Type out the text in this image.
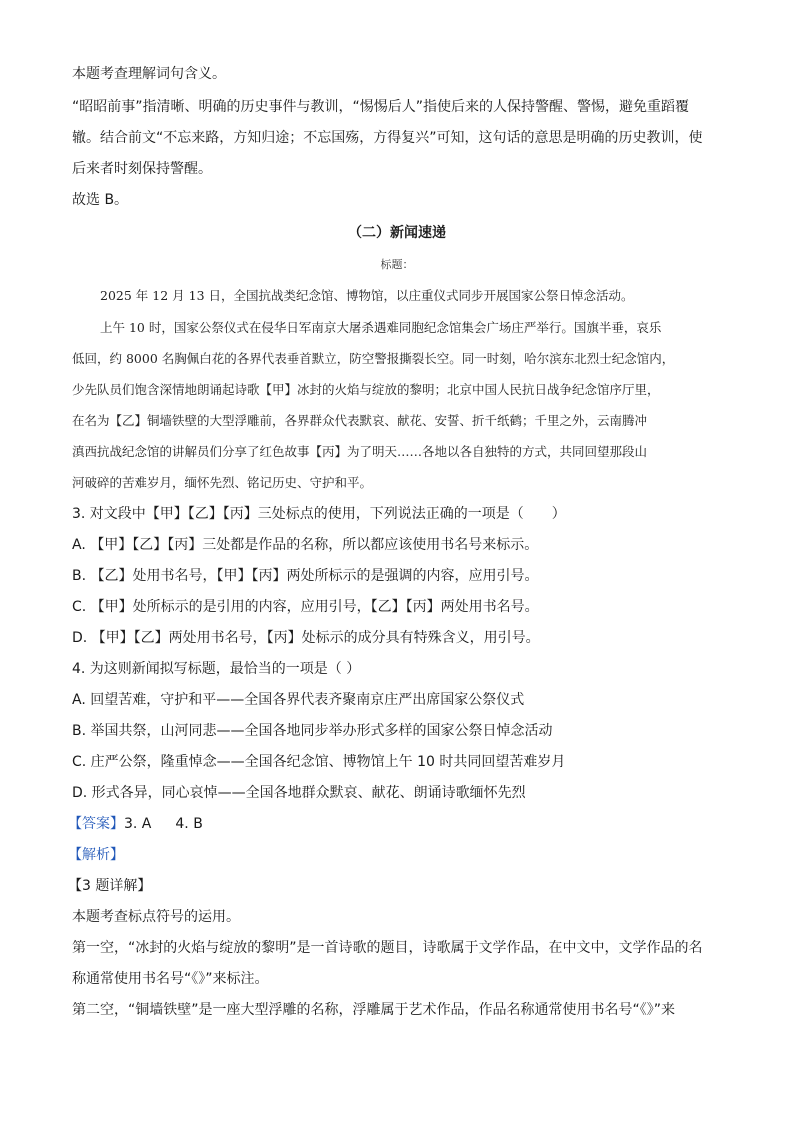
本题考查理解词句含义。
“昭昭前事”指清晰、明确的历史事件与教训，“惕惕后人”指使后来的人保持警醒、警惕，避免重蹈覆
辙。结合前文“不忘来路，方知归途；不忘国殇，方得复兴”可知，这句话的意思是明确的历史教训，使
后来者时刻保持警醒。
故选 B。
（二）新闻速递
标题：
2025 年 12 月 13 日，全国抗战类纪念馆、博物馆，以庄重仪式同步开展国家公祭日悼念活动。
上午 10 时，国家公祭仪式在侵华日军南京大屠杀遇难同胞纪念馆集会广场庄严举行。国旗半垂，哀乐
低回，约 8000 名胸佩白花的各界代表垂首默立，防空警报撕裂长空。同一时刻，哈尔滨东北烈士纪念馆内，
少先队员们饱含深情地朗诵起诗歌【甲】冰封的火焰与绽放的黎明；北京中国人民抗日战争纪念馆序厅里，
在名为【乙】铜墙铁壁的大型浮雕前，各界群众代表默哀、献花、安誓、折千纸鹤；千里之外，云南腾冲
滇西抗战纪念馆的讲解员们分享了红色故事【丙】为了明天……各地以各自独特的方式，共同回望那段山
河破碎的苦难岁月，缅怀先烈、铭记历史、守护和平。
3. 对文段中【甲】【乙】【丙】三处标点的使用，下列说法正确的一项是（　　）
A. 【甲】【乙】【丙】三处都是作品的名称，所以都应该使用书名号来标示。
B. 【乙】处用书名号，【甲】【丙】两处所标示的是强调的内容，应用引号。
C. 【甲】处所标示的是引用的内容，应用引号，【乙】【丙】两处用书名号。
D. 【甲】【乙】两处用书名号，【丙】处标示的成分具有特殊含义，用引号。
4. 为这则新闻拟写标题，最恰当的一项是（ ）
A. 回望苦难，守护和平——全国各界代表齐聚南京庄严出席国家公祭仪式
B. 举国共祭，山河同悲——全国各地同步举办形式多样的国家公祭日悼念活动
C. 庄严公祭，隆重悼念——全国各纪念馆、博物馆上午 10 时共同回望苦难岁月
D. 形式各异，同心哀悼——全国各地群众默哀、献花、朗诵诗歌缅怀先烈
【答案】3. A 4. B
【解析】
【3 题详解】
本题考查标点符号的运用。
第一空，“冰封的火焰与绽放的黎明”是一首诗歌的题目，诗歌属于文学作品，在中文中，文学作品的名
称通常使用书名号“《》”来标注。
第二空，“铜墙铁壁”是一座大型浮雕的名称，浮雕属于艺术作品，作品名称通常使用书名号“《》”来
